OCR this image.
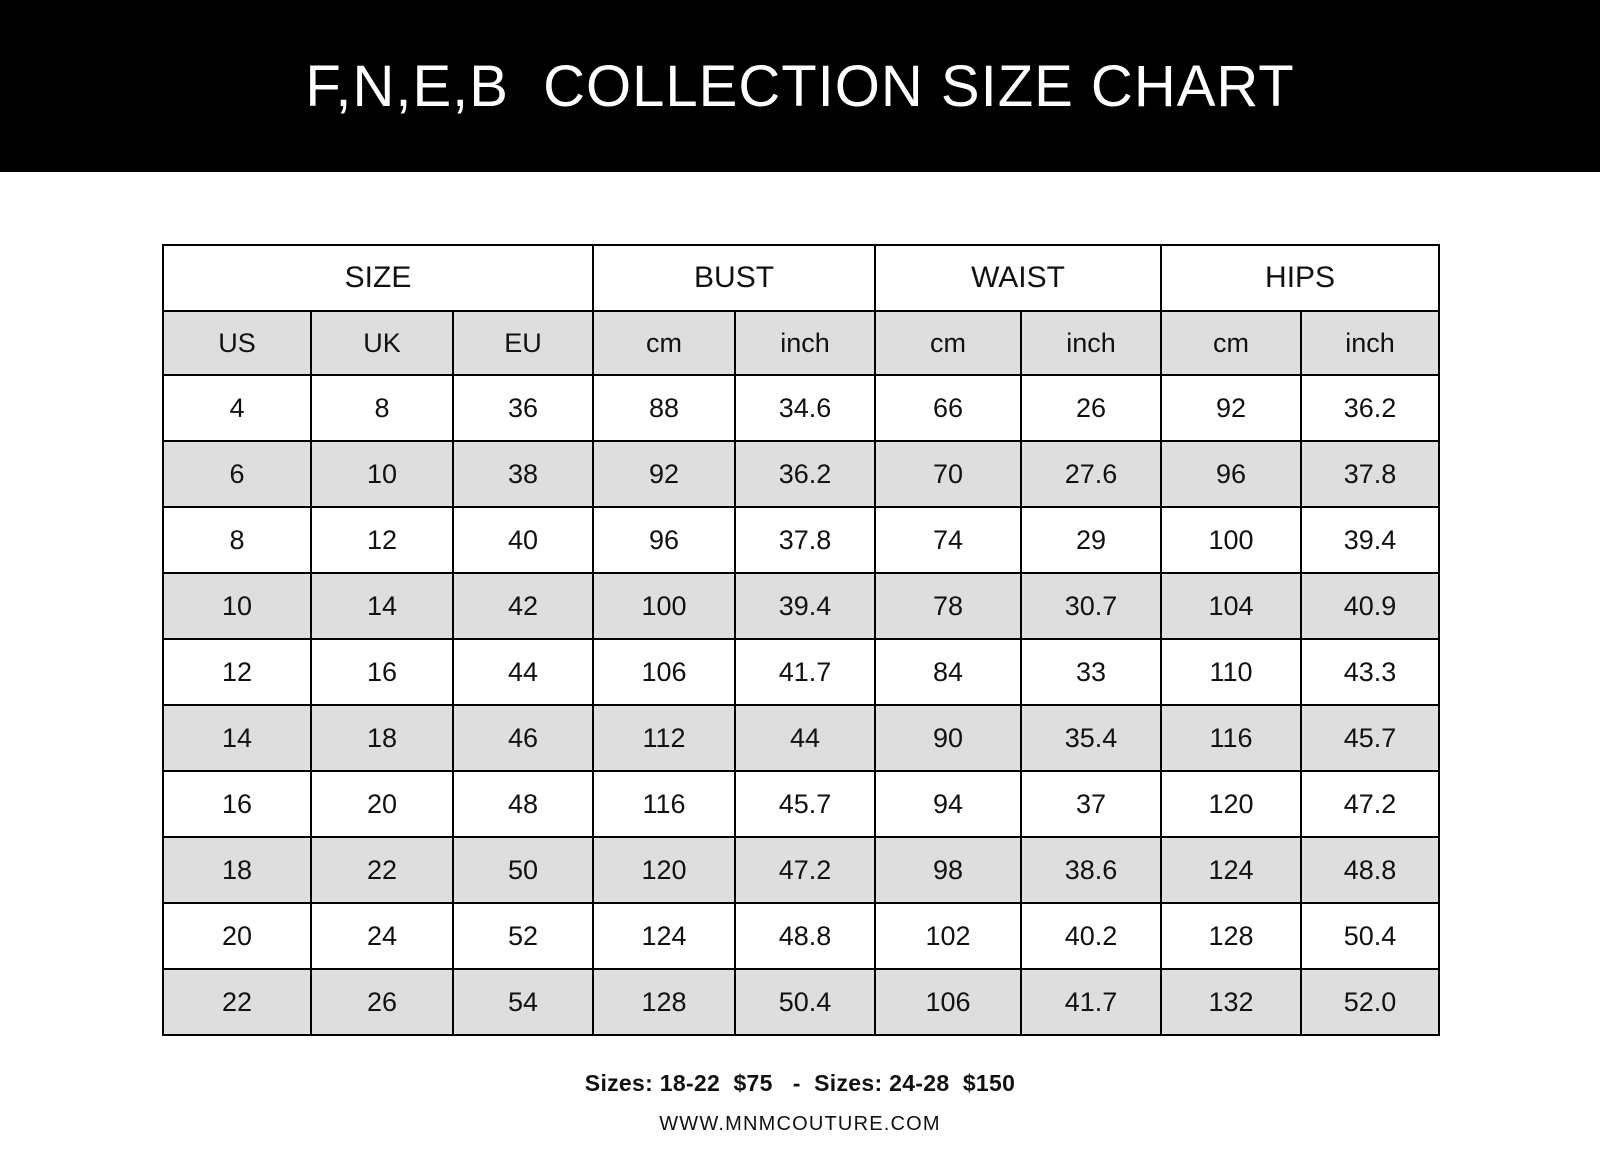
F,N,E,B  COLLECTION SIZE CHART
SIZE			BUST		WAIST		HIPS	
US	UK	EU	cm	inch	cm	inch	cm	inch
4	8	36	88	34.6	66	26	92	36.2
6	10	38	92	36.2	70	27.6	96	37.8
8	12	40	96	37.8	74	29	100	39.4
10	14	42	100	39.4	78	30.7	104	40.9
12	16	44	106	41.7	84	33	110	43.3
14	18	46	112	44	90	35.4	116	45.7
16	20	48	116	45.7	94	37	120	47.2
18	22	50	120	47.2	98	38.6	124	48.8
20	24	52	124	48.8	102	40.2	128	50.4
22	26	54	128	50.4	106	41.7	132	52.0
Sizes: 18-22  $75   -  Sizes: 24-28  $150
WWW.MNMCOUTURE.COM
